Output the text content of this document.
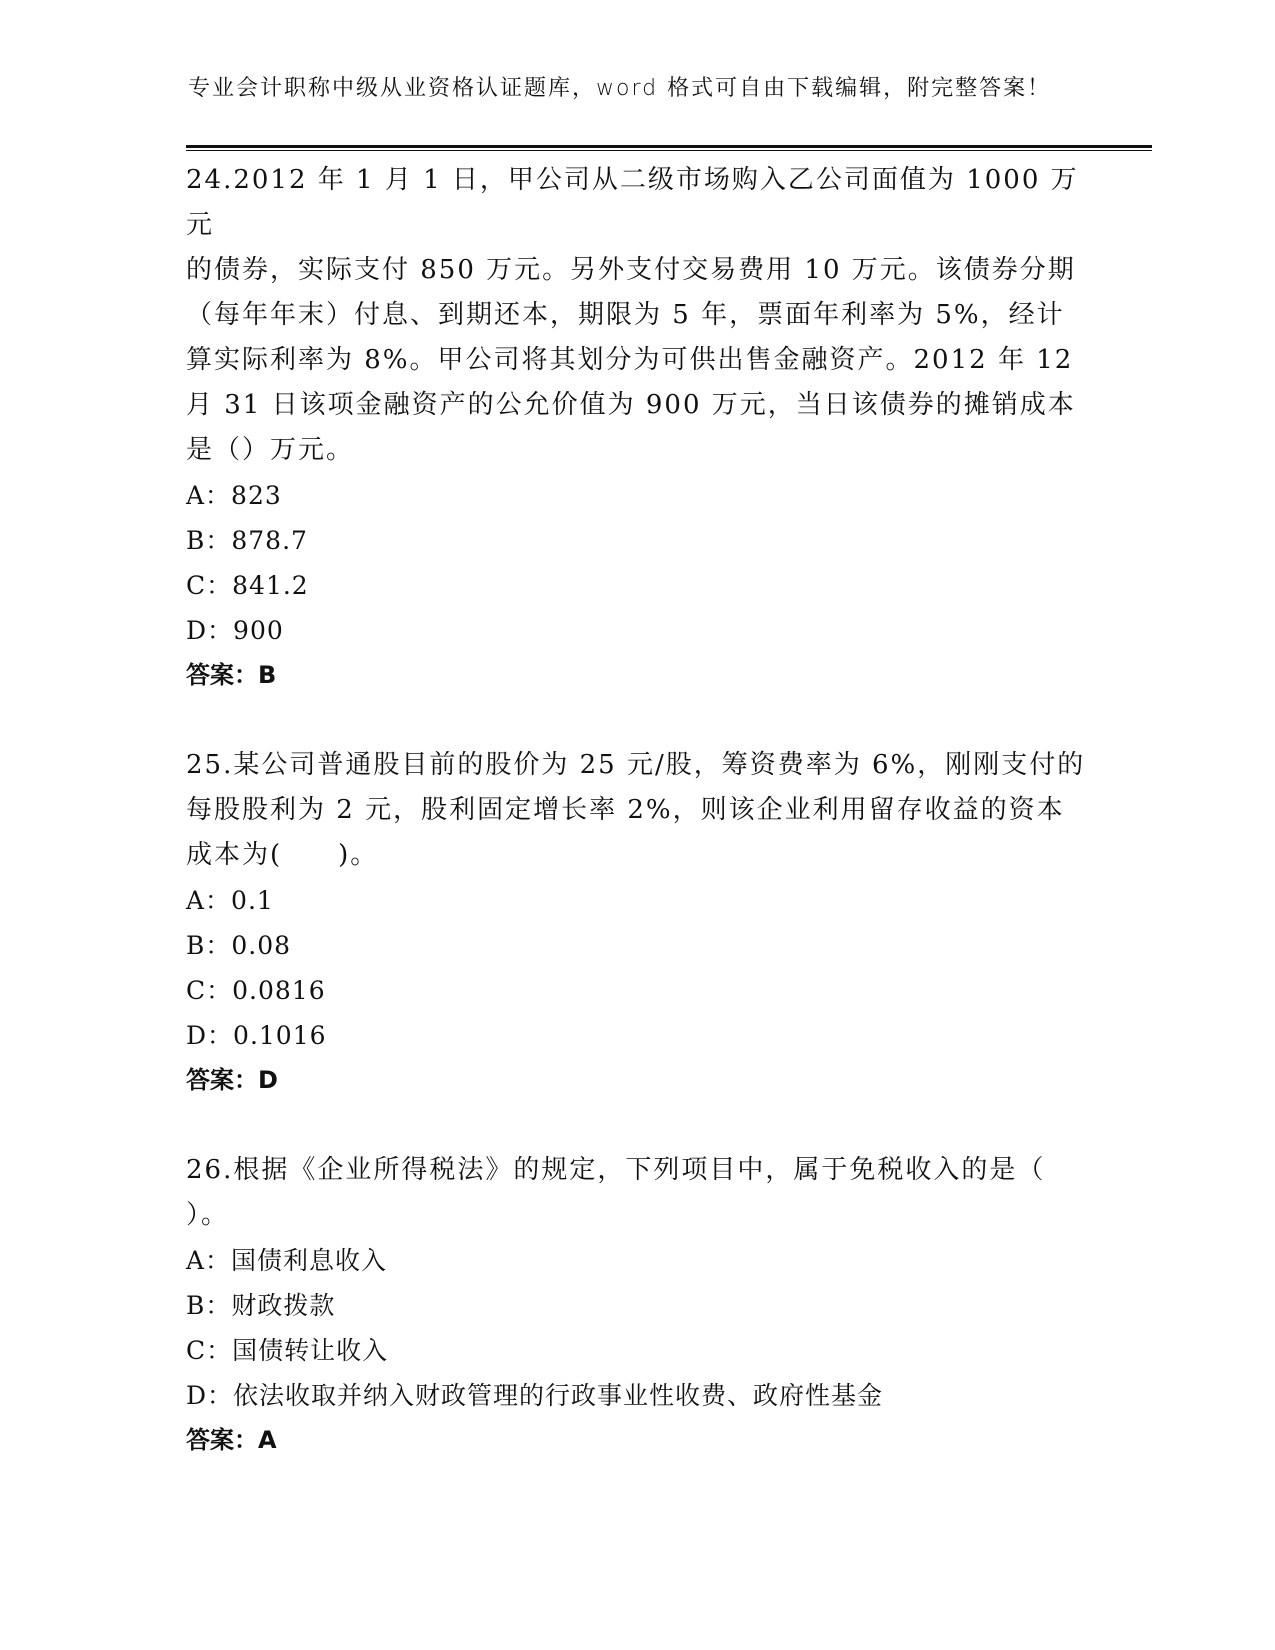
专业会计职称中级从业资格认证题库，word 格式可自由下载编辑，附完整答案！

24.2012 年 1 月 1 日，甲公司从二级市场购入乙公司面值为 1000 万元

的债券，实际支付 850 万元。另外支付交易费用 10 万元。该债券分期

（每年年末）付息、到期还本，期限为 5 年，票面年利率为 5%，经计

算实际利率为 8%。甲公司将其划分为可供出售金融资产。2012 年 12

月 31 日该项金融资产的公允价值为 900 万元，当日该债券的摊销成本

是（）万元。

A：823

B：878.7

C：841.2

D：900

答案：B

25.某公司普通股目前的股价为 25 元/股，筹资费率为 6%，刚刚支付的

每股股利为 2 元，股利固定增长率 2%，则该企业利用留存收益的资本

成本为(　　)。

A：0.1

B：0.08

C：0.0816

D：0.1016

答案：D

26.根据《企业所得税法》的规定，下列项目中，属于免税收入的是（

）。

A：国债利息收入

B：财政拨款

C：国债转让收入

D：依法收取并纳入财政管理的行政事业性收费、政府性基金

答案：A
